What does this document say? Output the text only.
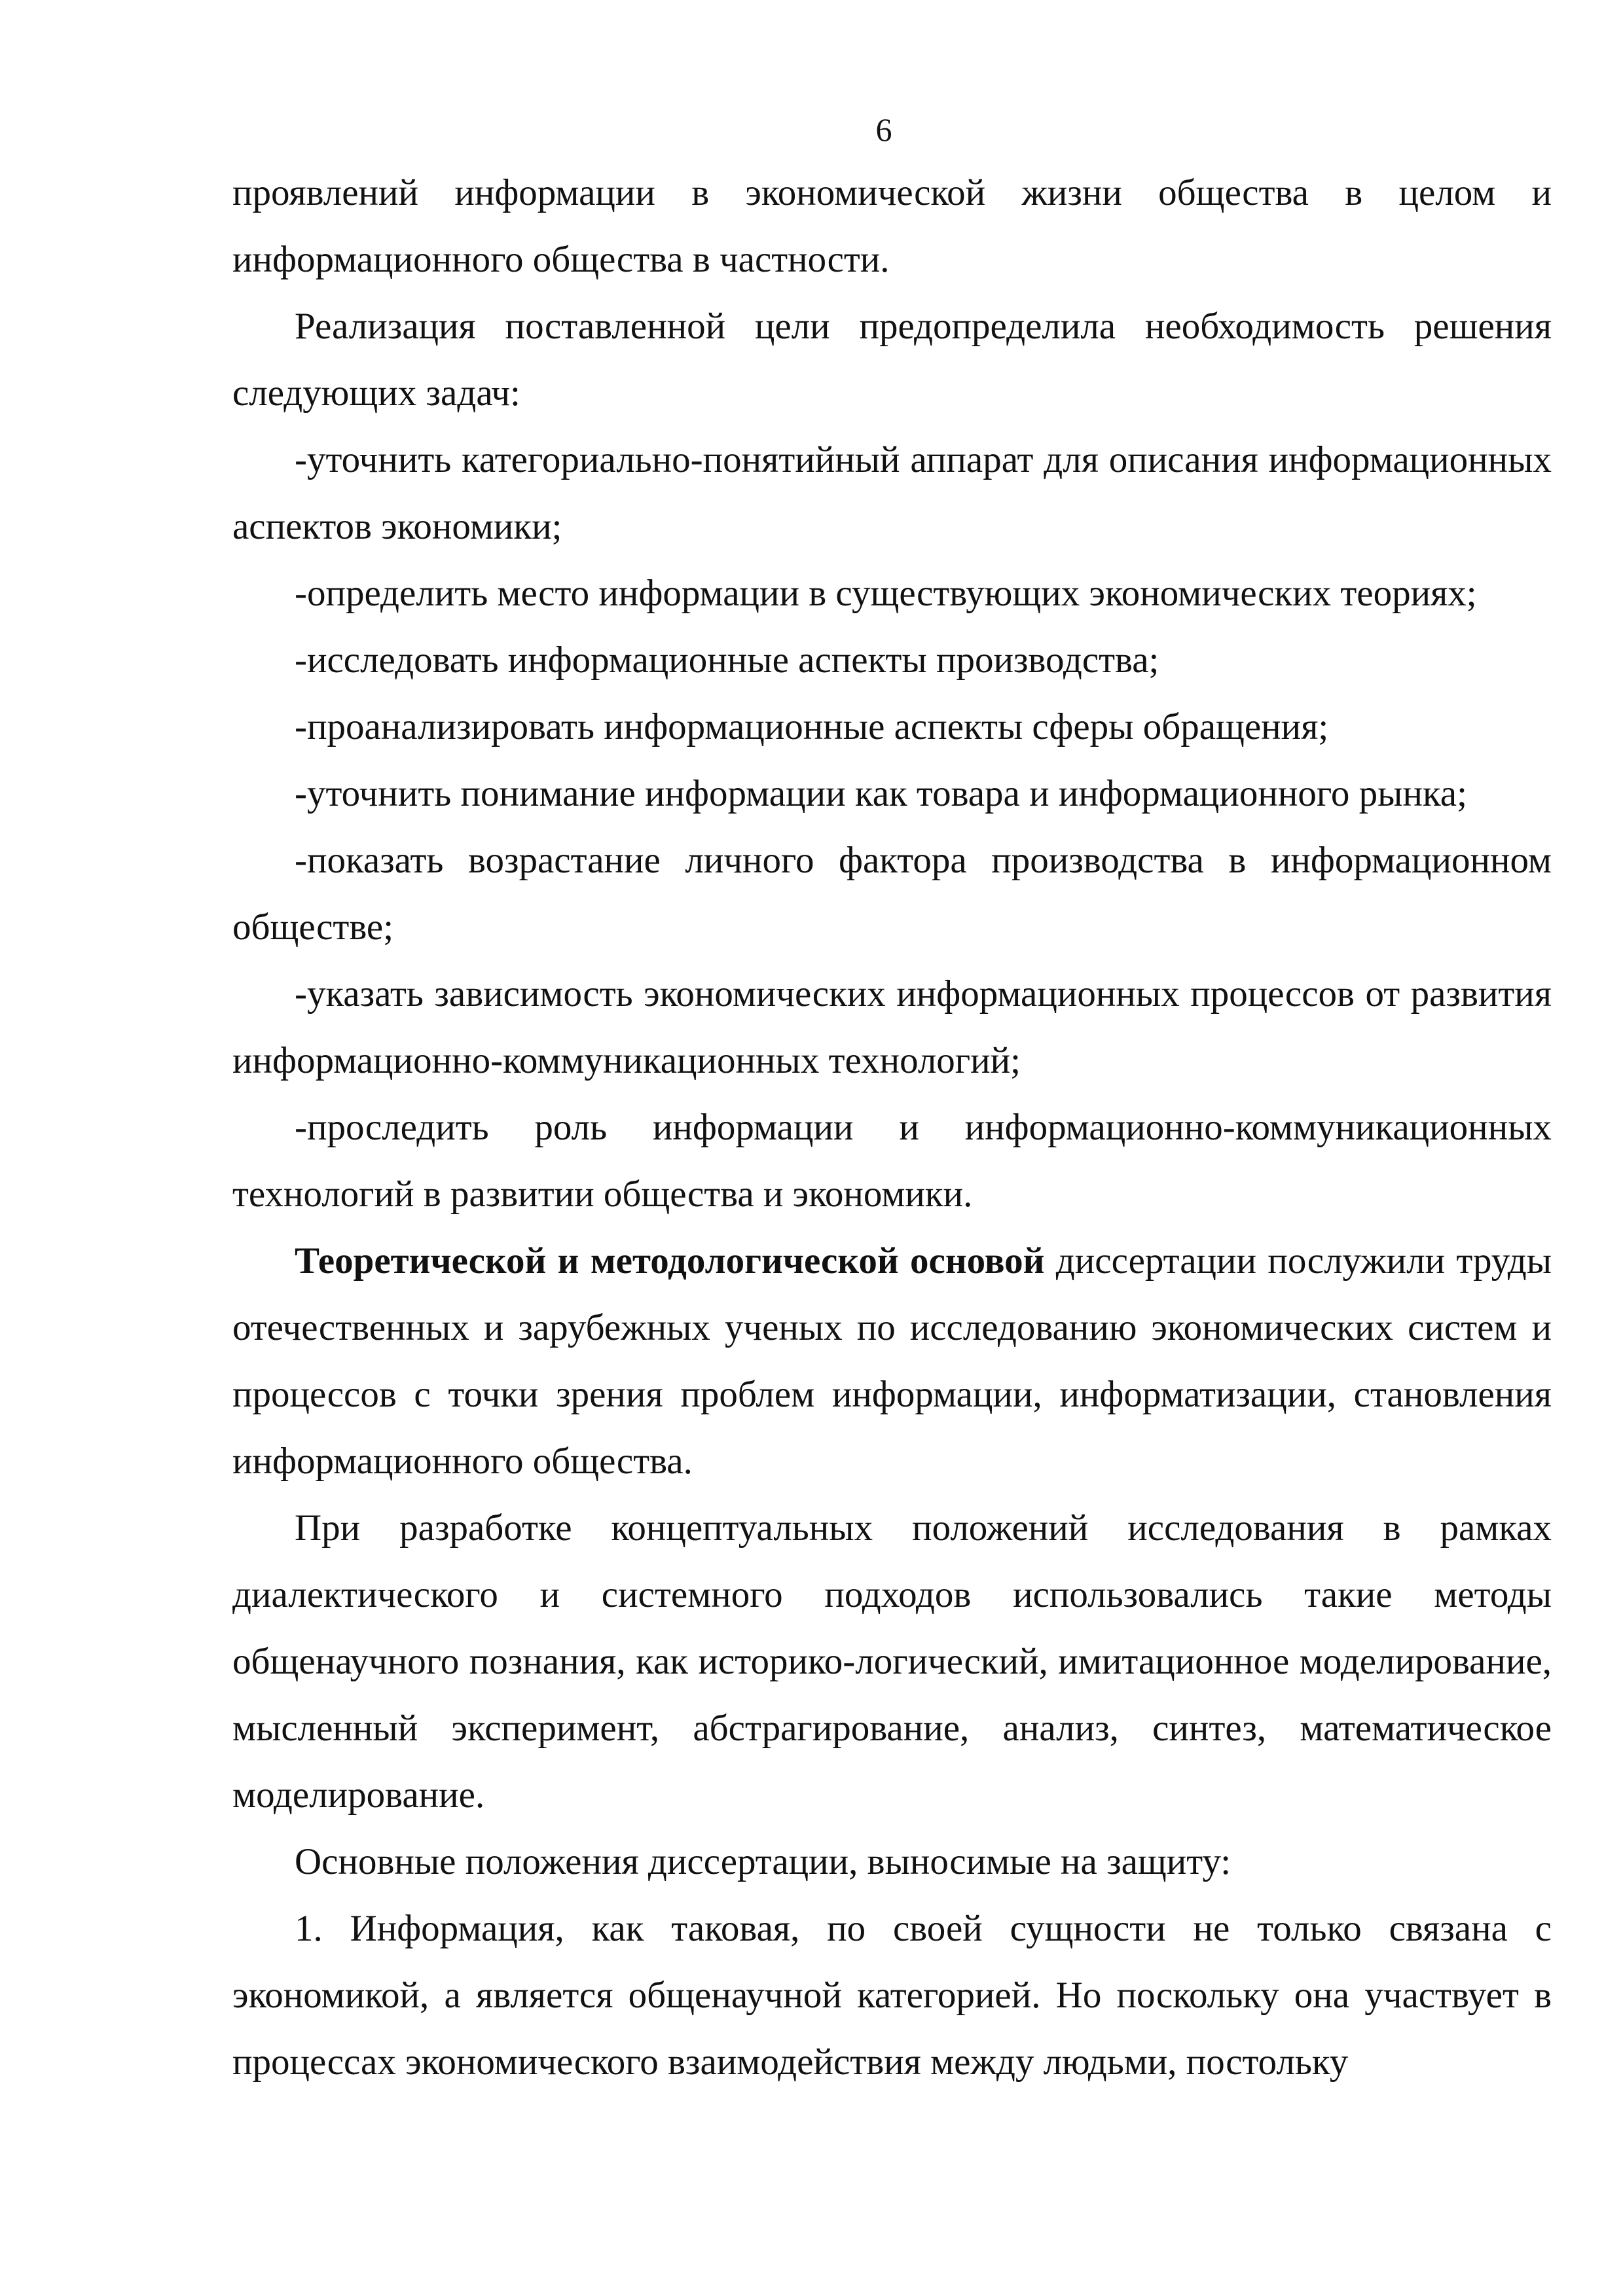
6

проявлений информации в экономической жизни общества в целом и информационного общества в частности.

Реализация поставленной цели предопределила необходимость решения следующих задач:

-уточнить категориально-понятийный аппарат для описания информационных аспектов экономики;

-определить место информации в существующих экономических теориях;

-исследовать информационные аспекты производства;

-проанализировать информационные аспекты сферы обращения;

-уточнить понимание информации как товара и информационного рынка;

-показать возрастание личного фактора производства в информационном обществе;

-указать зависимость экономических информационных процессов от развития информационно-коммуникационных технологий;

-проследить роль информации и информационно-коммуникационных технологий в развитии общества и экономики.

Теоретической и методологической основой диссертации послужили труды отечественных и зарубежных ученых по исследованию экономических систем и процессов с точки зрения проблем информации, информатизации, становления информационного общества.

При разработке концептуальных положений исследования в рамках диалектического и системного подходов использовались такие методы общенаучного познания, как историко-логический, имитационное моделирование, мысленный эксперимент, абстрагирование, анализ, синтез, математическое моделирование.

Основные положения диссертации, выносимые на защиту:

1. Информация, как таковая, по своей сущности не только связана с экономикой, а является общенаучной категорией. Но поскольку она участвует в процессах экономического взаимодействия между людьми, постольку
